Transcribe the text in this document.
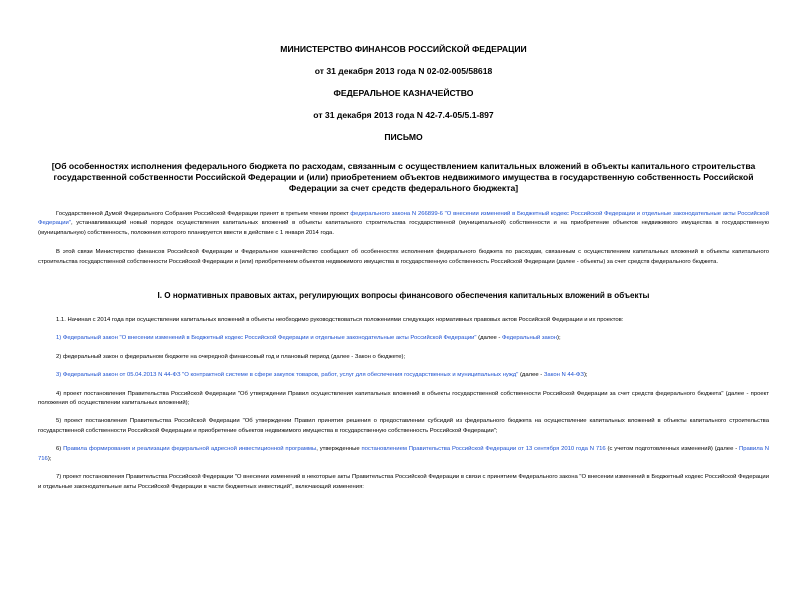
МИНИСТЕРСТВО ФИНАНСОВ РОССИЙСКОЙ ФЕДЕРАЦИИ
от 31 декабря 2013 года N 02-02-005/58618
ФЕДЕРАЛЬНОЕ КАЗНАЧЕЙСТВО
от 31 декабря 2013 года N 42-7.4-05/5.1-897
ПИСЬМО
[Об особенностях исполнения федерального бюджета по расходам, связанным с осуществлением капитальных вложений в объекты капитального строительства государственной собственности Российской Федерации и (или) приобретением объектов недвижимого имущества в государственную собственность Российской Федерации за счет средств федерального бюджекта]
Государственной Думой Федерального Собрания Российской Федерации принят в третьем чтении проект федерального закона N 266899-6 "О внесении изменений в Бюджетный кодекс Российской Федерации и отдельные законодательные акты Российской Федерации", устанавливающий новый порядок осуществления капитальных вложений в объекты капитального строительства государственной (муниципальной) собственности и на приобретение объектов недвижимого имущества в государственную (муниципальную) собственность, положения которого планируется ввести в действие с 1 января 2014 года.
В этой связи Министерство финансов Российской Федерации и Федеральное казначейство сообщают об особенностях исполнения федерального бюджета по расходам, связанным с осуществлением капитальных вложений в объекты капитального строительства государственной собственности Российской Федерации и (или) приобретением объектов недвижимого имущества в государственную собственность Российской Федерации (далее - объекты) за счет средств федерального бюджета.
I. О нормативных правовых актах, регулирующих вопросы финансового обеспечения капитальных вложений в объекты
1.1. Начиная с 2014 года при осуществлении капитальных вложений в объекты необходимо руководствоваться положениями следующих нормативных правовых актов Российской Федерации и их проектов:
1) Федеральный закон "О внесении изменений в Бюджетный кодекс Российской Федерации и отдельные законодательные акты Российской Федерации" (далее - Федеральный закон);
2) федеральный закон о федеральном бюджете на очередной финансовый год и плановый период (далее - Закон о бюджете);
3) Федеральный закон от 05.04.2013 N 44-ФЗ "О контрактной системе в сфере закупок товаров, работ, услуг для обеспечения государственных и муниципальных нужд" (далее - Закон N 44-ФЗ);
4) проект постановления Правительства Российской Федерации "Об утверждении Правил осуществления капитальных вложений в объекты государственной собственности Российской Федерации за счет средств федерального бюджета" (далее - проект положения об осуществлении капитальных вложений);
5) проект постановления Правительства Российской Федерации "Об утверждении Правил принятия решения о предоставлении субсидий из федерального бюджета на осуществление капитальных вложений в объекты капитального строительства государственной собственности Российской Федерации и приобретение объектов недвижимого имущества в государственную собственность Российской Федерации";
6) Правила формирования и реализации федеральной адресной инвестиционной программы, утвержденные постановлением Правительства Российской Федерации от 13 сентября 2010 года N 716 (с учетом подготовленных изменений) (далее - Правила N 716);
7) проект постановления Правительства Российской Федерации "О внесении изменений в некоторые акты Правительства Российской Федерации в связи с принятием Федерального закона "О внесении изменений в Бюджетный кодекс Российской Федерации и отдельные законодательные акты Российской Федерации в части бюджетных инвестиций", включающий изменения:
